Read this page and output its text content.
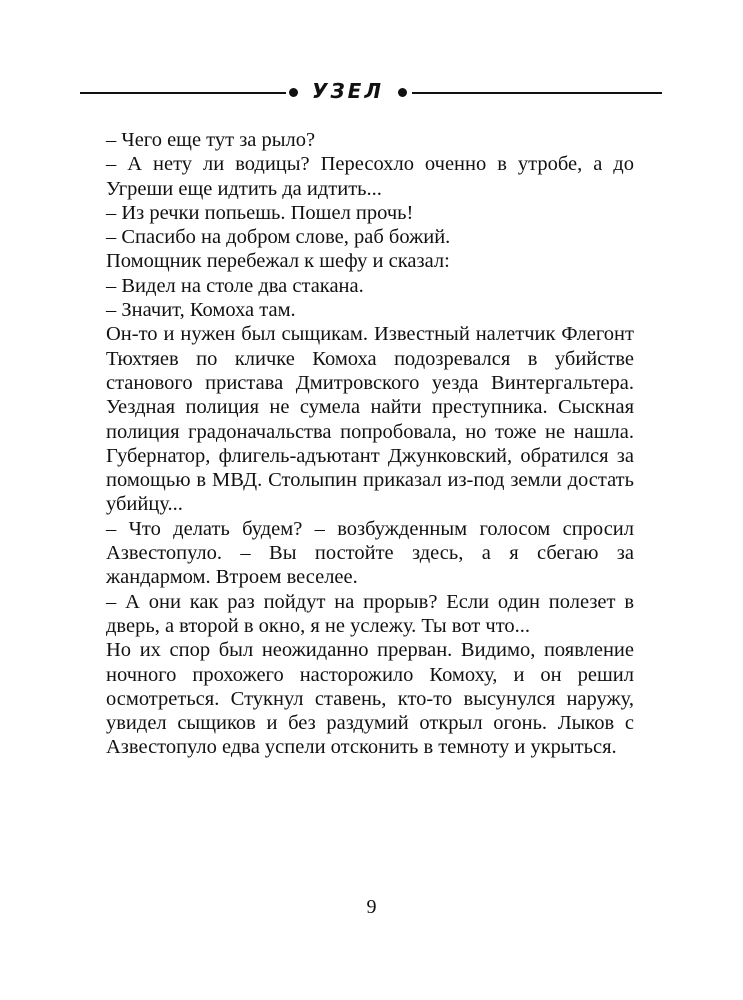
УЗЕЛ

– Чего еще тут за рыло?

– А нету ли водицы? Пересохло оченно в утробе, а до Угреши еще идтить да идтить...

– Из речки попьешь. Пошел прочь!

– Спасибо на добром слове, раб божий.

Помощник перебежал к шефу и сказал:

– Видел на столе два стакана.

– Значит, Комоха там.

Он-то и нужен был сыщикам. Известный налетчик Флегонт Тюхтяев по кличке Комоха подозревался в убийстве станового пристава Дмитровского уезда Винтергальтера. Уездная полиция не сумела найти преступника. Сыскная полиция градоначальства попробовала, но тоже не нашла. Губернатор, флигель-адъютант Джунковский, обратился за помощью в МВД. Столыпин приказал из-под земли достать убийцу...

– Что делать будем? – возбужденным голосом спросил Азвестопуло. – Вы постойте здесь, а я сбегаю за жандармом. Втроем веселее.

– А они как раз пойдут на прорыв? Если один полезет в дверь, а второй в окно, я не услежу. Ты вот что...

Но их спор был неожиданно прерван. Видимо, появление ночного прохожего насторожило Комоху, и он решил осмотреться. Стукнул ставень, кто-то высунулся наружу, увидел сыщиков и без раздумий открыл огонь. Лыков с Азвестопуло едва успели отсконить в темноту и укрыться.

9
